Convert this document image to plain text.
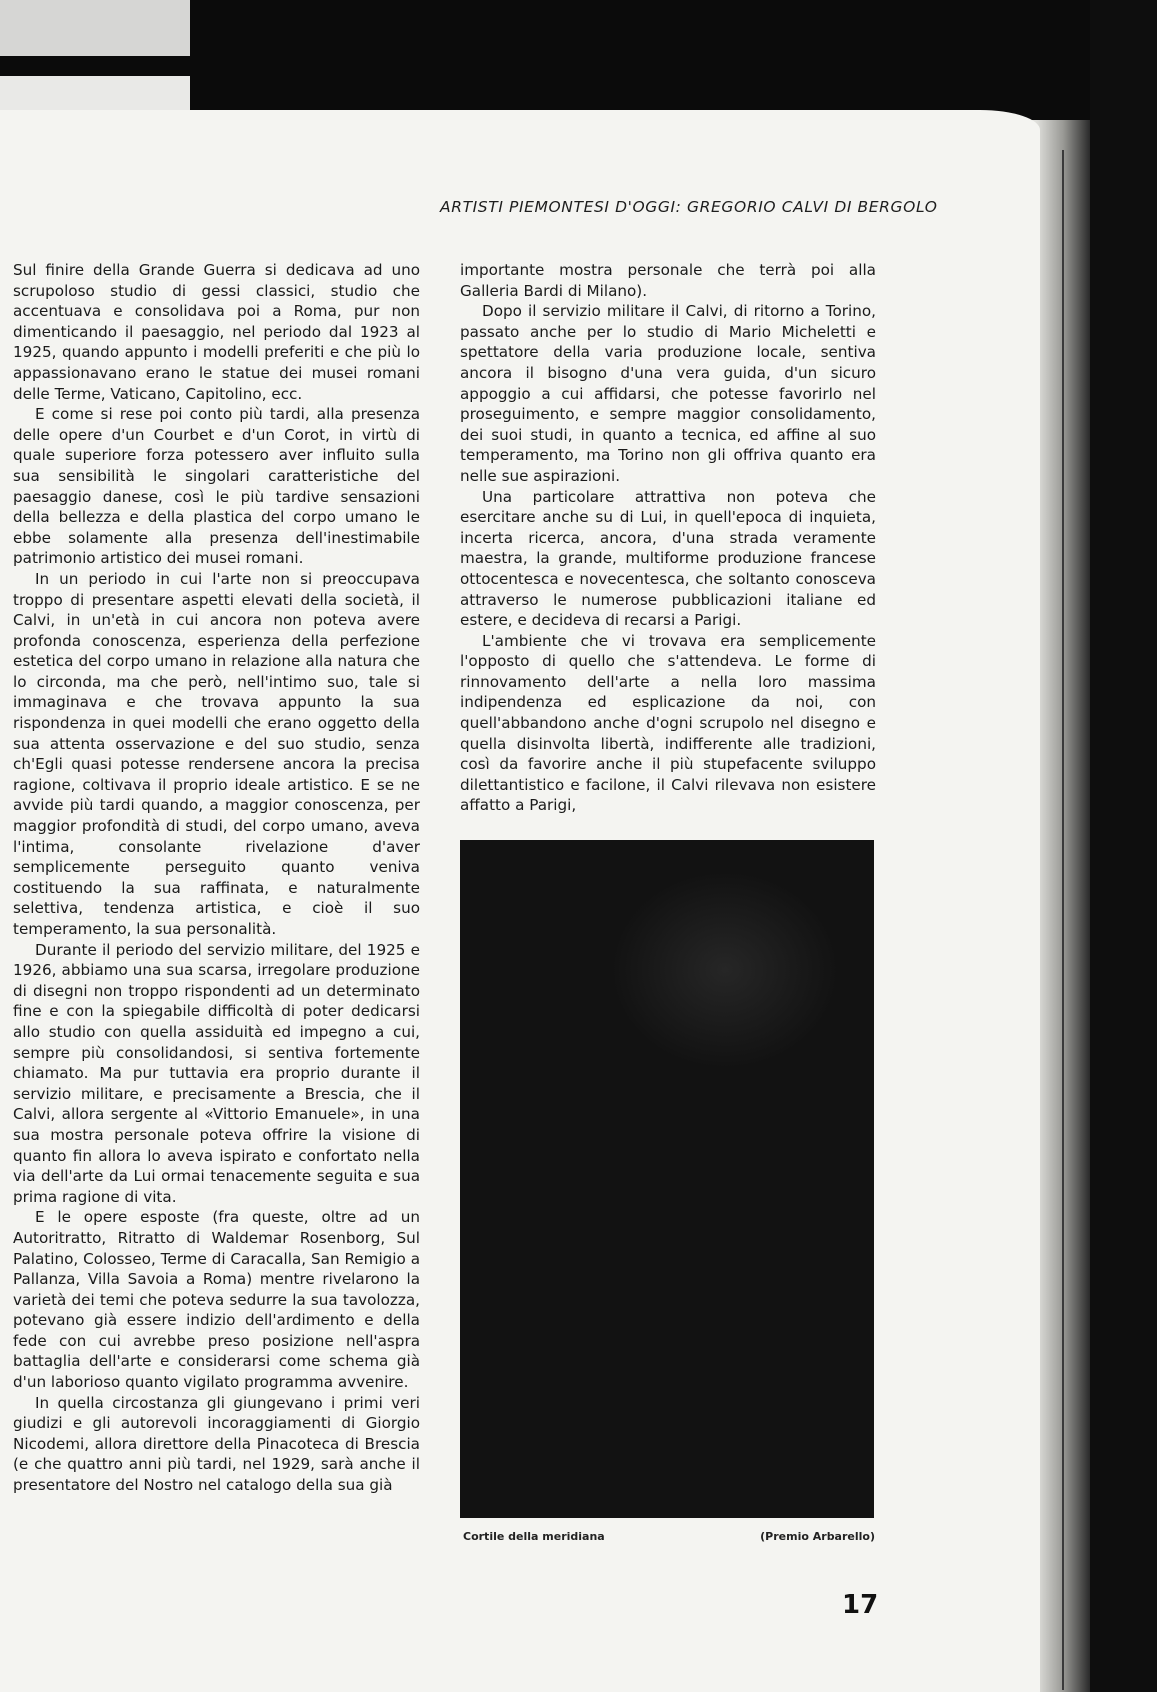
ARTISTI PIEMONTESI D'OGGI: GREGORIO CALVI DI BERGOLO

Sul finire della Grande Guerra si dedicava ad uno scrupoloso studio di gessi classici, studio che accentuava e consolidava poi a Roma, pur non dimenticando il paesaggio, nel periodo dal 1923 al 1925, quando appunto i modelli preferiti e che più lo appassionavano erano le statue dei musei romani delle Terme, Vaticano, Capitolino, ecc.

E come si rese poi conto più tardi, alla presenza delle opere d'un Courbet e d'un Corot, in virtù di quale superiore forza potessero aver influito sulla sua sensibilità le singolari caratteristiche del paesaggio danese, così le più tardive sensazioni della bellezza e della plastica del corpo umano le ebbe solamente alla presenza dell'inestimabile patrimonio artistico dei musei romani.

In un periodo in cui l'arte non si preoccupava troppo di presentare aspetti elevati della società, il Calvi, in un'età in cui ancora non poteva avere profonda conoscenza, esperienza della perfezione estetica del corpo umano in relazione alla natura che lo circonda, ma che però, nell'intimo suo, tale si immaginava e che trovava appunto la sua rispondenza in quei modelli che erano oggetto della sua attenta osservazione e del suo studio, senza ch'Egli quasi potesse rendersene ancora la precisa ragione, coltivava il proprio ideale artistico. E se ne avvide più tardi quando, a maggior conoscenza, per maggior profondità di studi, del corpo umano, aveva l'intima, consolante rivelazione d'aver semplicemente perseguito quanto veniva costituendo la sua raffinata, e naturalmente selettiva, tendenza artistica, e cioè il suo temperamento, la sua personalità.

Durante il periodo del servizio militare, del 1925 e 1926, abbiamo una sua scarsa, irregolare produzione di disegni non troppo rispondenti ad un determinato fine e con la spiegabile difficoltà di poter dedicarsi allo studio con quella assiduità ed impegno a cui, sempre più consolidandosi, si sentiva fortemente chiamato. Ma pur tuttavia era proprio durante il servizio militare, e precisamente a Brescia, che il Calvi, allora sergente al «Vittorio Emanuele», in una sua mostra personale poteva offrire la visione di quanto fin allora lo aveva ispirato e confortato nella via dell'arte da Lui ormai tenacemente seguita e sua prima ragione di vita.

E le opere esposte (fra queste, oltre ad un Autoritratto, Ritratto di Waldemar Rosenborg, Sul Palatino, Colosseo, Terme di Caracalla, San Remigio a Pallanza, Villa Savoia a Roma) mentre rivelarono la varietà dei temi che poteva sedurre la sua tavolozza, potevano già essere indizio dell'ardimento e della fede con cui avrebbe preso posizione nell'aspra battaglia dell'arte e considerarsi come schema già d'un laborioso quanto vigilato programma avvenire.

In quella circostanza gli giungevano i primi veri giudizi e gli autorevoli incoraggiamenti di Giorgio Nicodemi, allora direttore della Pinacoteca di Brescia (e che quattro anni più tardi, nel 1929, sarà anche il presentatore del Nostro nel catalogo della sua già

importante mostra personale che terrà poi alla Galleria Bardi di Milano).

Dopo il servizio militare il Calvi, di ritorno a Torino, passato anche per lo studio di Mario Micheletti e spettatore della varia produzione locale, sentiva ancora il bisogno d'una vera guida, d'un sicuro appoggio a cui affidarsi, che potesse favorirlo nel proseguimento, e sempre maggior consolidamento, dei suoi studi, in quanto a tecnica, ed affine al suo temperamento, ma Torino non gli offriva quanto era nelle sue aspirazioni.

Una particolare attrattiva non poteva che esercitare anche su di Lui, in quell'epoca di inquieta, incerta ricerca, ancora, d'una strada veramente maestra, la grande, multiforme produzione francese ottocentesca e novecentesca, che soltanto conosceva attraverso le numerose pubblicazioni italiane ed estere, e decideva di recarsi a Parigi.

L'ambiente che vi trovava era semplicemente l'opposto di quello che s'attendeva. Le forme di rinnovamento dell'arte a nella loro massima indipendenza ed esplicazione da noi, con quell'abbandono anche d'ogni scrupolo nel disegno e quella disinvolta libertà, indifferente alle tradizioni, così da favorire anche il più stupefacente sviluppo dilettantistico e facilone, il Calvi rilevava non esistere affatto a Parigi,

Cortile della meridiana	(Premio Arbarello)
17
